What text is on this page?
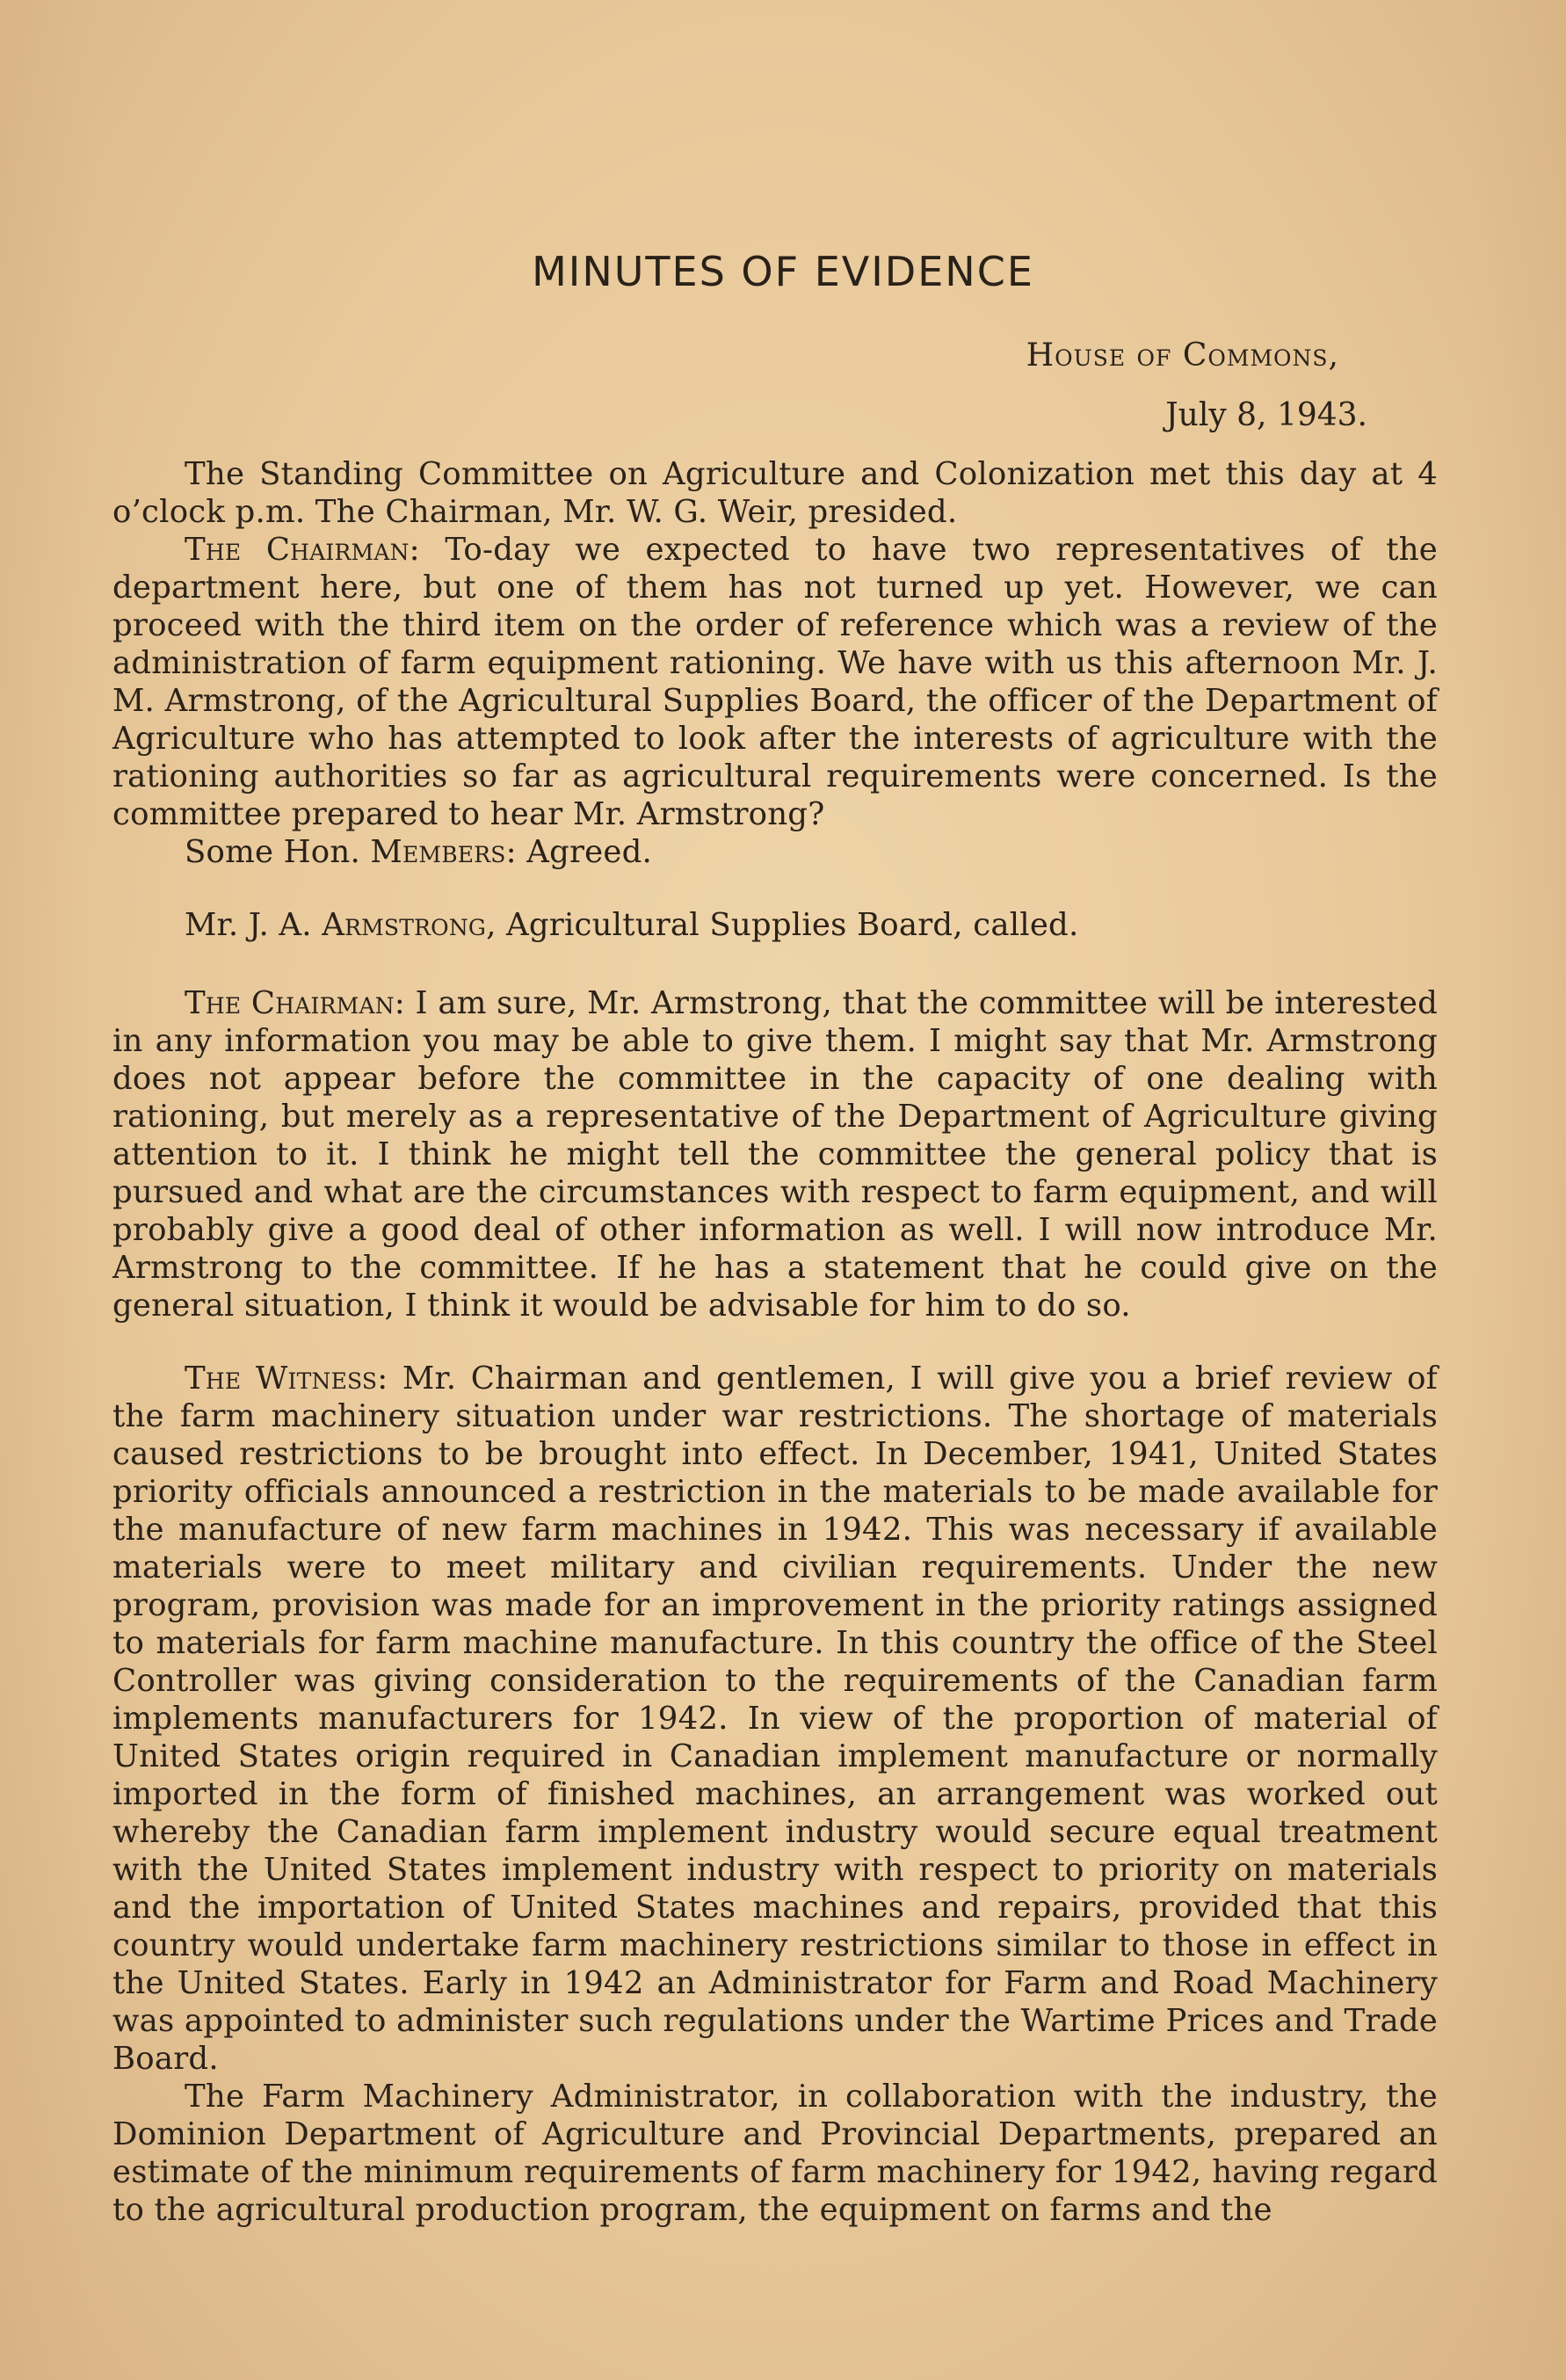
MINUTES OF EVIDENCE
House of Commons,
July 8, 1943.

The Standing Committee on Agriculture and Colonization met this day at 4 o’clock p.m. The Chairman, Mr. W. G. Weir, presided.

The Chairman: To-day we expected to have two representatives of the department here, but one of them has not turned up yet. However, we can proceed with the third item on the order of reference which was a review of the administration of farm equipment rationing. We have with us this afternoon Mr. J. M. Armstrong, of the Agricultural Supplies Board, the officer of the Department of Agriculture who has attempted to look after the interests of agriculture with the rationing authorities so far as agricultural requirements were concerned. Is the committee prepared to hear Mr. Armstrong?

Some Hon. Members: Agreed.

Mr. J. A. Armstrong, Agricultural Supplies Board, called.

The Chairman: I am sure, Mr. Armstrong, that the committee will be interested in any information you may be able to give them. I might say that Mr. Armstrong does not appear before the committee in the capacity of one dealing with rationing, but merely as a representative of the Department of Agriculture giving attention to it. I think he might tell the committee the general policy that is pursued and what are the circumstances with respect to farm equipment, and will probably give a good deal of other information as well. I will now introduce Mr. Armstrong to the committee. If he has a statement that he could give on the general situation, I think it would be advisable for him to do so.

The Witness: Mr. Chairman and gentlemen, I will give you a brief review of the farm machinery situation under war restrictions. The shortage of materials caused restrictions to be brought into effect. In December, 1941, United States priority officials announced a restriction in the materials to be made available for the manufacture of new farm machines in 1942. This was necessary if available materials were to meet military and civilian requirements. Under the new program, provision was made for an improvement in the priority ratings assigned to materials for farm machine manufacture. In this country the office of the Steel Controller was giving consideration to the requirements of the Canadian farm implements manufacturers for 1942. In view of the proportion of material of United States origin required in Canadian implement manufacture or normally imported in the form of finished machines, an arrangement was worked out whereby the Canadian farm implement industry would secure equal treatment with the United States implement industry with respect to priority on materials and the importation of United States machines and repairs, provided that this country would undertake farm machinery restrictions similar to those in effect in the United States. Early in 1942 an Administrator for Farm and Road Machinery was appointed to administer such regulations under the Wartime Prices and Trade Board.

The Farm Machinery Administrator, in collaboration with the industry, the Dominion Department of Agriculture and Provincial Departments, prepared an estimate of the minimum requirements of farm machinery for 1942, having regard to the agricultural production program, the equipment on farms and the
